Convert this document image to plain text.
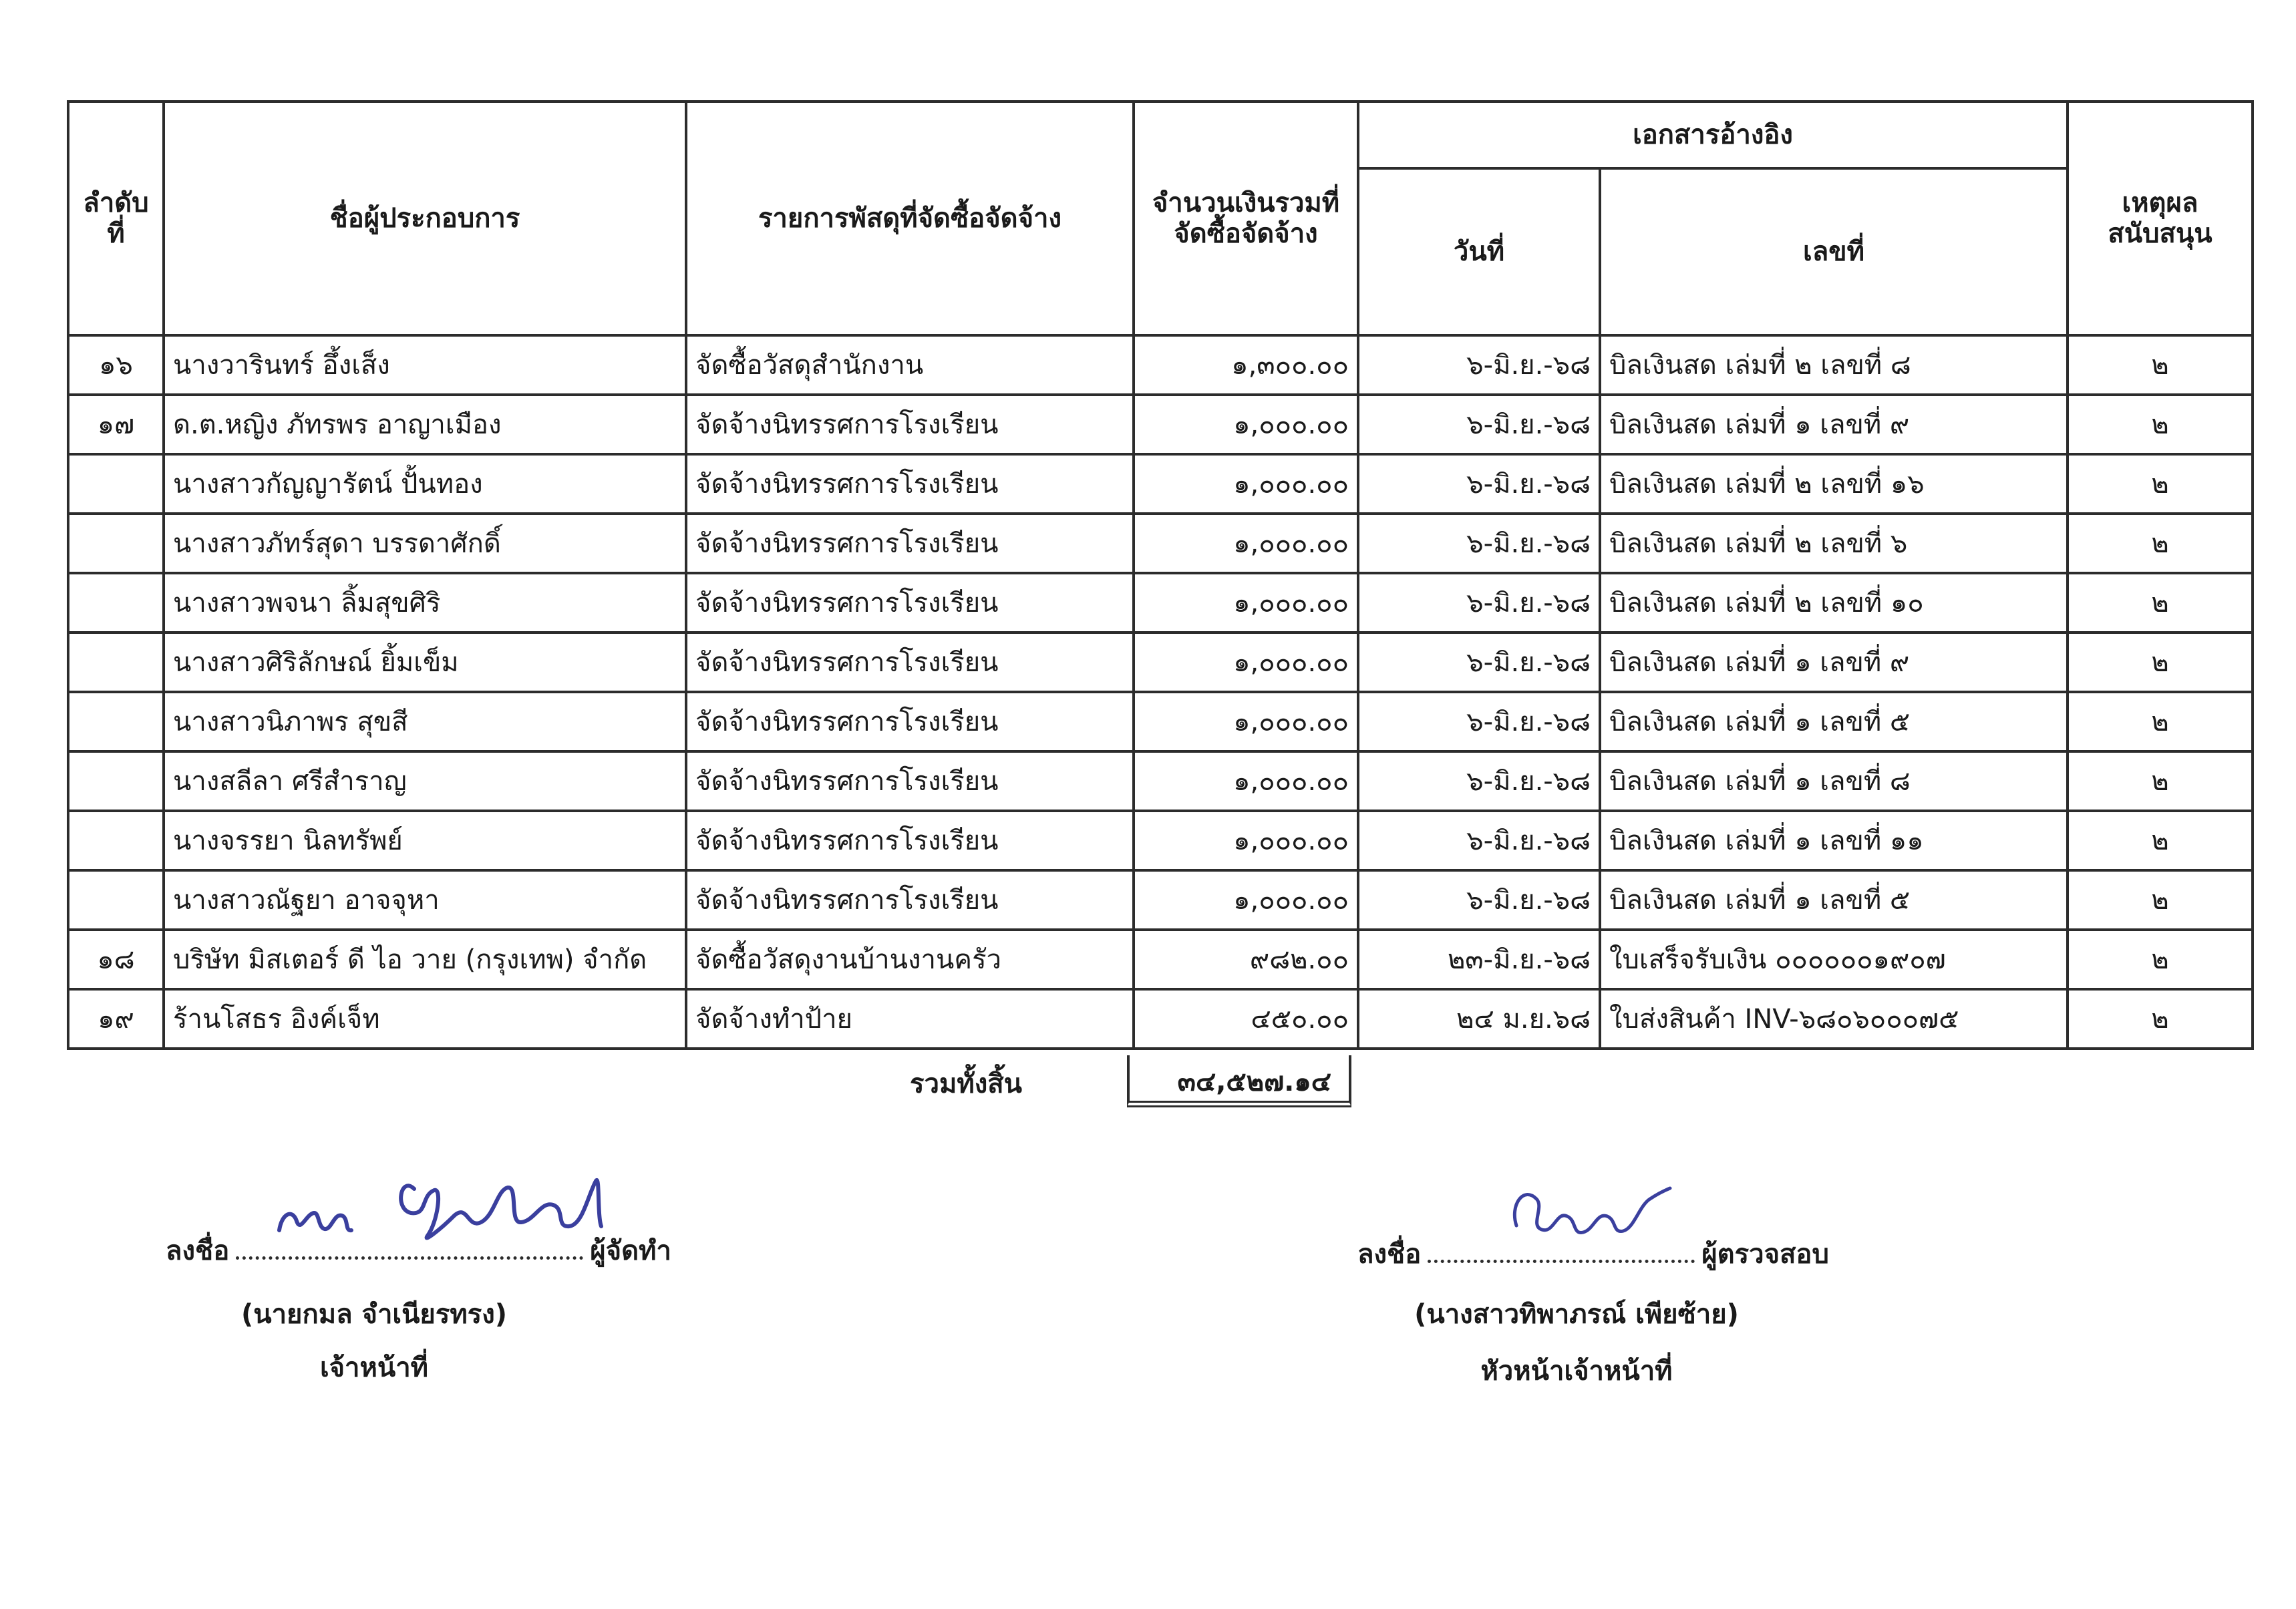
ลำดับที่	ชื่อผู้ประกอบการ	รายการพัสดุที่จัดซื้อจัดจ้าง	จำนวนเงินรวมที่จัดซื้อจัดจ้าง	เอกสารอ้างอิง		เหตุผลสนับสนุน
				วันที่	เลขที่	
๑๖	นางวารินทร์ อึ้งเส็ง	จัดซื้อวัสดุสำนักงาน	๑,๓๐๐.๐๐	๖-มิ.ย.-๖๘	บิลเงินสด เล่มที่ ๒ เลขที่ ๘	๒
๑๗	ด.ต.หญิง ภัทรพร อาญาเมือง	จัดจ้างนิทรรศการโรงเรียน	๑,๐๐๐.๐๐	๖-มิ.ย.-๖๘	บิลเงินสด เล่มที่ ๑ เลขที่ ๙	๒
	นางสาวกัญญารัตน์ ปั้นทอง	จัดจ้างนิทรรศการโรงเรียน	๑,๐๐๐.๐๐	๖-มิ.ย.-๖๘	บิลเงินสด เล่มที่ ๒ เลขที่ ๑๖	๒
	นางสาวภัทร์สุดา บรรดาศักดิ์	จัดจ้างนิทรรศการโรงเรียน	๑,๐๐๐.๐๐	๖-มิ.ย.-๖๘	บิลเงินสด เล่มที่ ๒ เลขที่ ๖	๒
	นางสาวพจนา ลิ้มสุขศิริ	จัดจ้างนิทรรศการโรงเรียน	๑,๐๐๐.๐๐	๖-มิ.ย.-๖๘	บิลเงินสด เล่มที่ ๒ เลขที่ ๑๐	๒
	นางสาวศิริลักษณ์ ยิ้มเข็ม	จัดจ้างนิทรรศการโรงเรียน	๑,๐๐๐.๐๐	๖-มิ.ย.-๖๘	บิลเงินสด เล่มที่ ๑ เลขที่ ๙	๒
	นางสาวนิภาพร สุขสี	จัดจ้างนิทรรศการโรงเรียน	๑,๐๐๐.๐๐	๖-มิ.ย.-๖๘	บิลเงินสด เล่มที่ ๑ เลขที่ ๕	๒
	นางสลีลา ศรีสำราญ	จัดจ้างนิทรรศการโรงเรียน	๑,๐๐๐.๐๐	๖-มิ.ย.-๖๘	บิลเงินสด เล่มที่ ๑ เลขที่ ๘	๒
	นางจรรยา นิลทรัพย์	จัดจ้างนิทรรศการโรงเรียน	๑,๐๐๐.๐๐	๖-มิ.ย.-๖๘	บิลเงินสด เล่มที่ ๑ เลขที่ ๑๑	๒
	นางสาวณัฐยา อาจจุหา	จัดจ้างนิทรรศการโรงเรียน	๑,๐๐๐.๐๐	๖-มิ.ย.-๖๘	บิลเงินสด เล่มที่ ๑ เลขที่ ๕	๒
๑๘	บริษัท มิสเตอร์ ดี ไอ วาย (กรุงเทพ) จำกัด	จัดซื้อวัสดุงานบ้านงานครัว	๙๘๒.๐๐	๒๓-มิ.ย.-๖๘	ใบเสร็จรับเงิน ๐๐๐๐๐๐๑๙๐๗	๒
๑๙	ร้านโสธร อิงค์เจ็ท	จัดจ้างทำป้าย	๔๕๐.๐๐	๒๔ ม.ย.๖๘	ใบส่งสินค้า INV-๖๘๐๖๐๐๐๗๕	๒
รวมทั้งสิ้น	๓๔,๕๒๗.๑๔
ลงชื่อ	ผู้จัดทำ
(นายกมล จำเนียรทรง)
เจ้าหน้าที่
ลงชื่อ	ผู้ตรวจสอบ
(นางสาวทิพาภรณ์ เพียซ้าย)
หัวหน้าเจ้าหน้าที่
